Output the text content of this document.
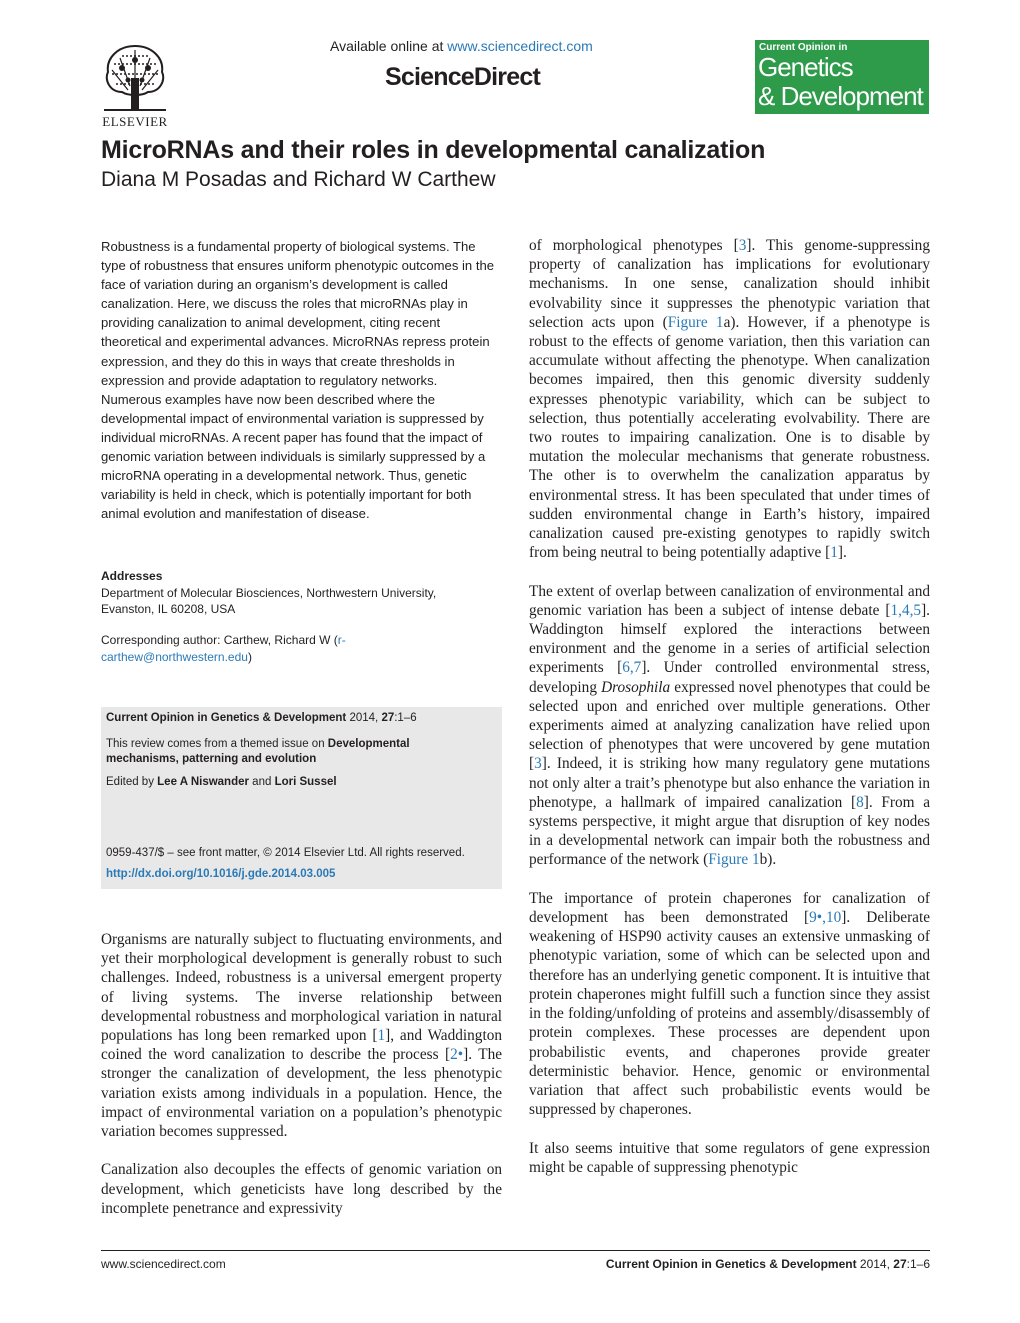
ELSEVIER
Available online at www.sciencedirect.com
ScienceDirect
Current Opinion in
Genetics
& Development
MicroRNAs and their roles in developmental canalization
Diana M Posadas and Richard W Carthew

Robustness is a fundamental property of biological systems. The type of robustness that ensures uniform phenotypic outcomes in the face of variation during an organism’s development is called canalization. Here, we discuss the roles that microRNAs play in providing canalization to animal development, citing recent theoretical and experimental advances. MicroRNAs repress protein expression, and they do this in ways that create thresholds in expression and provide adaptation to regulatory networks. Numerous examples have now been described where the developmental impact of environmental variation is suppressed by individual microRNAs. A recent paper has found that the impact of genomic variation between individuals is similarly suppressed by a microRNA operating in a developmental network. Thus, genetic variability is held in check, which is potentially important for both animal evolution and manifestation of disease.

Addresses
Department of Molecular Biosciences, Northwestern University, Evanston, IL 60208, USA
Corresponding author: Carthew, Richard W (r-carthew@northwestern.edu)
Current Opinion in Genetics & Development 2014, 27:1–6
This review comes from a themed issue on Developmental mechanisms, patterning and evolution
Edited by Lee A Niswander and Lori Sussel
0959-437/$ – see front matter, © 2014 Elsevier Ltd. All rights reserved.
http://dx.doi.org/10.1016/j.gde.2014.03.005

Organisms are naturally subject to fluctuating environments, and yet their morphological development is generally robust to such challenges. Indeed, robustness is a universal emergent property of living systems. The inverse relationship between developmental robustness and morphological variation in natural populations has long been remarked upon [1], and Waddington coined the word canalization to describe the process [2•]. The stronger the canalization of development, the less phenotypic variation exists among individuals in a population. Hence, the impact of environmental variation on a population’s phenotypic variation becomes suppressed.

Canalization also decouples the effects of genomic variation on development, which geneticists have long described by the incomplete penetrance and expressivity

of morphological phenotypes [3]. This genome-suppressing property of canalization has implications for evolutionary mechanisms. In one sense, canalization should inhibit evolvability since it suppresses the phenotypic variation that selection acts upon (Figure 1a). However, if a phenotype is robust to the effects of genome variation, then this variation can accumulate without affecting the phenotype. When canalization becomes impaired, then this genomic diversity suddenly expresses phenotypic variability, which can be subject to selection, thus potentially accelerating evolvability. There are two routes to impairing canalization. One is to disable by mutation the molecular mechanisms that generate robustness. The other is to overwhelm the canalization apparatus by environmental stress. It has been speculated that under times of sudden environmental change in Earth’s history, impaired canalization caused pre-existing genotypes to rapidly switch from being neutral to being potentially adaptive [1].

The extent of overlap between canalization of environmental and genomic variation has been a subject of intense debate [1,4,5]. Waddington himself explored the interactions between environment and the genome in a series of artificial selection experiments [6,7]. Under controlled environmental stress, developing Drosophila expressed novel phenotypes that could be selected upon and enriched over multiple generations. Other experiments aimed at analyzing canalization have relied upon selection of phenotypes that were uncovered by gene mutation [3]. Indeed, it is striking how many regulatory gene mutations not only alter a trait’s phenotype but also enhance the variation in phenotype, a hallmark of impaired canalization [8]. From a systems perspective, it might argue that disruption of key nodes in a developmental network can impair both the robustness and performance of the network (Figure 1b).

The importance of protein chaperones for canalization of development has been demonstrated [9•,10]. Deliberate weakening of HSP90 activity causes an extensive unmasking of phenotypic variation, some of which can be selected upon and therefore has an underlying genetic component. It is intuitive that protein chaperones might fulfill such a function since they assist in the folding/unfolding of proteins and assembly/disassembly of protein complexes. These processes are dependent upon probabilistic events, and chaperones provide greater deterministic behavior. Hence, genomic or environmental variation that affect such probabilistic events would be suppressed by chaperones.

It also seems intuitive that some regulators of gene expression might be capable of suppressing phenotypic

www.sciencedirect.com	Current Opinion in Genetics & Development 2014, 27:1–6
